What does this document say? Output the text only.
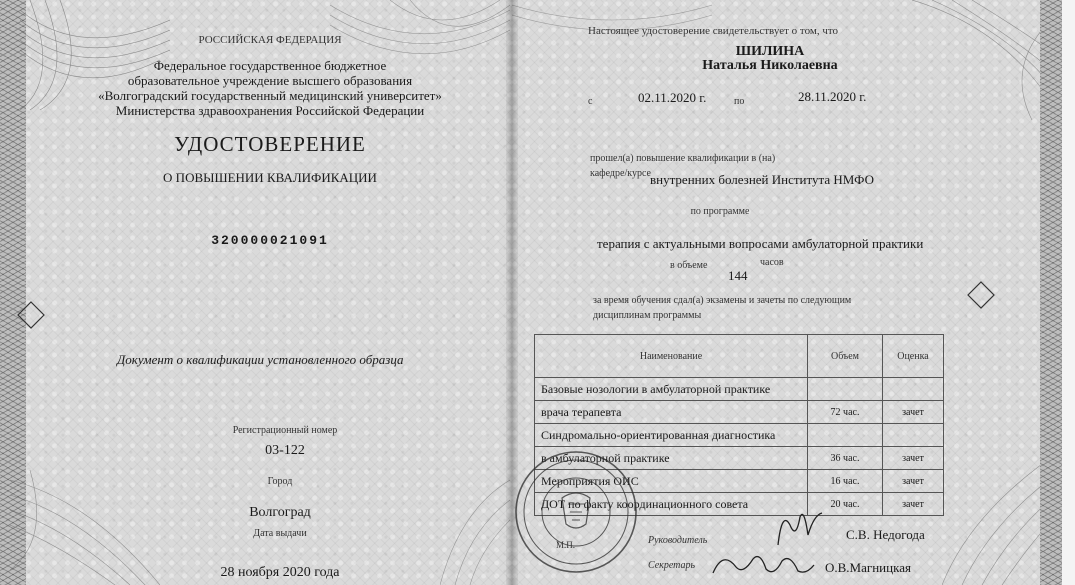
РОССИЙСКАЯ ФЕДЕРАЦИЯ
Федеральное государственное бюджетное
образовательное учреждение высшего образования
«Волгоградский государственный медицинский университет»
Министерства здравоохранения Российской Федерации
УДОСТОВЕРЕНИЕ
О ПОВЫШЕНИИ КВАЛИФИКАЦИИ
320000021091
Документ о квалификации установленного образца
Регистрационный номер
03-122
Город
Волгоград
Дата выдачи
28 ноября 2020 года
Настоящее удостоверение свидетельствует о том, что
ШИЛИНА
Наталья Николаевна
с	02.11.2020 г.	по	28.11.2020 г.
прошел(а) повышение квалификации в (на)
кафедре/курсе внутренних болезней Института НМФО
по программе
терапия с актуальными вопросами амбулаторной практики
в объеме
144
часов
за время обучения сдал(а) экзамены и зачеты по следующим
дисциплинам программы
Наименование	Объем	Оценка
Базовые нозологии в амбулаторной практике		
врача терапевта	72 час.	зачет
Синдромально-ориентированная диагностика		
в амбулаторной практике	36 час.	зачет
Мероприятия ОИС	16 час.	зачет
ДОТ по факту координационного совета	20 час.	зачет
М.П.	Руководитель	С.В. Недогода
Секретарь	О.В.Магницкая
